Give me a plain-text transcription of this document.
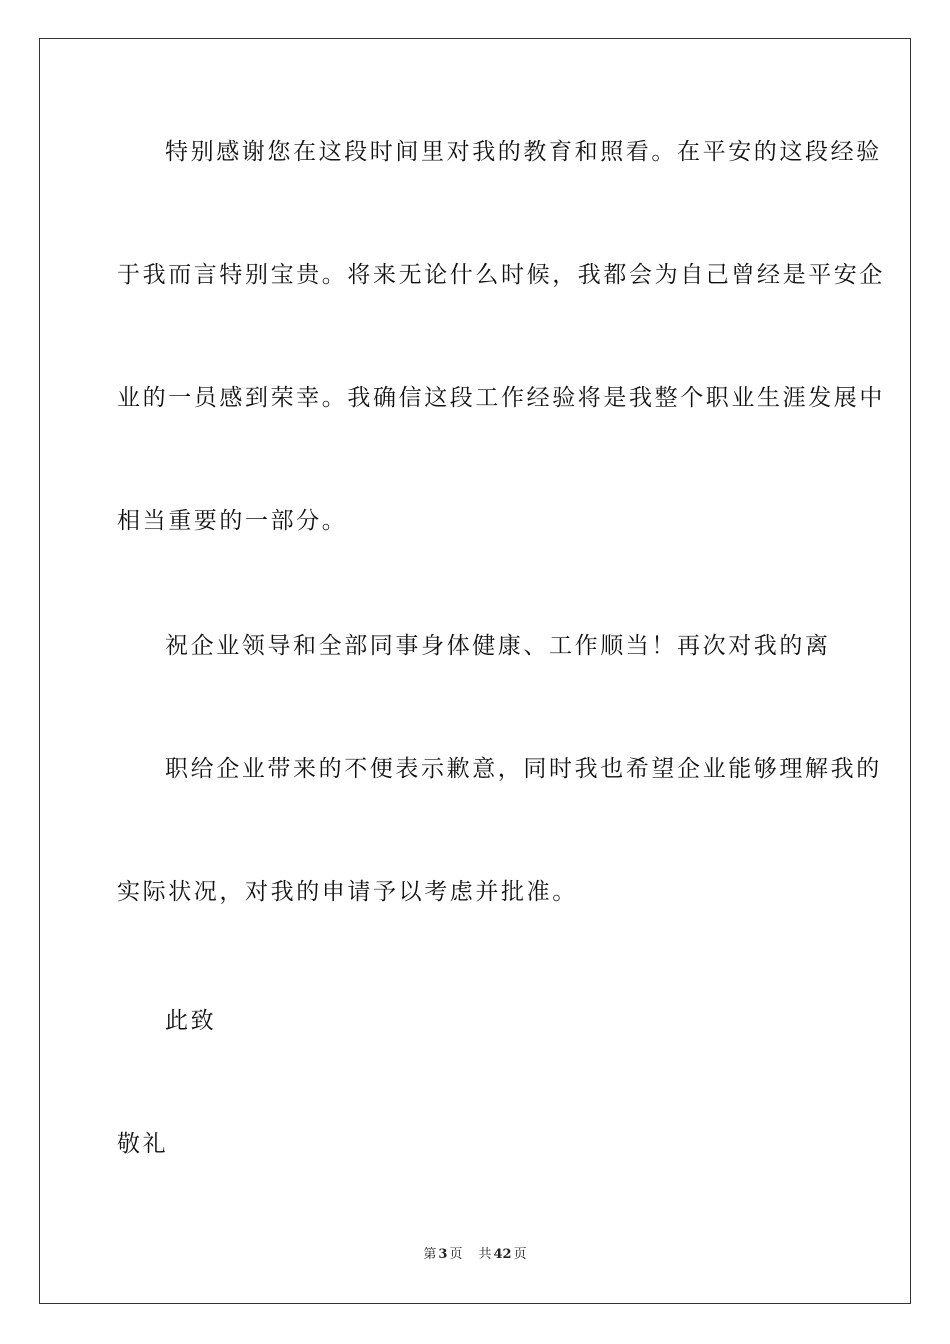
特别感谢您在这段时间里对我的教育和照看。在平安的这段经验
于我而言特别宝贵。将来无论什么时候，我都会为自己曾经是平安企
业的一员感到荣幸。我确信这段工作经验将是我整个职业生涯发展中
相当重要的一部分。
祝企业领导和全部同事身体健康、工作顺当！再次对我的离
职给企业带来的不便表示歉意，同时我也希望企业能够理解我的
实际状况，对我的申请予以考虑并批准。
此致
敬礼
第 3 页 共 42 页
